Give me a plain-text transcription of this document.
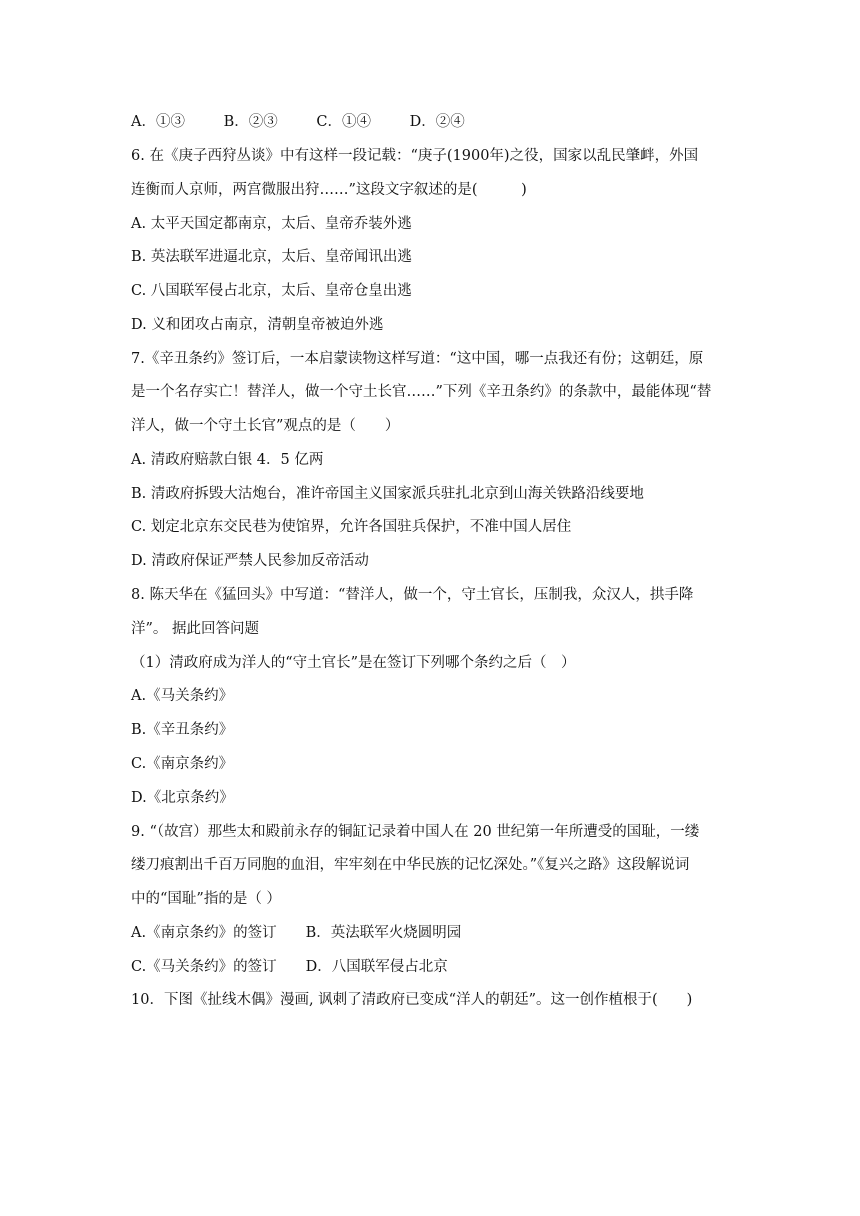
A．①③	B．②③	C．①④	D．②④
6. 在《庚子西狩丛谈》中有这样一段记载：“庚子(1900年)之役，国家以乱民肇衅，外国
连衡而人京师，两宫微服出狩……”这段文字叙述的是(　　　)
A. 太平天国定都南京，太后、皇帝乔装外逃
B. 英法联军进逼北京，太后、皇帝闻讯出逃
C. 八国联军侵占北京，太后、皇帝仓皇出逃
D. 义和团攻占南京，清朝皇帝被迫外逃
7.《辛丑条约》签订后，一本启蒙读物这样写道：“这中国，哪一点我还有份；这朝廷，原
是一个名存实亡！替洋人，做一个守土长官……”下列《辛丑条约》的条款中，最能体现“替
洋人，做一个守土长官”观点的是（　　）
A. 清政府赔款白银 4．5 亿两
B. 清政府拆毁大沽炮台，准许帝国主义国家派兵驻扎北京到山海关铁路沿线要地
C. 划定北京东交民巷为使馆界，允许各国驻兵保护，不准中国人居住
D. 清政府保证严禁人民参加反帝活动
8. 陈天华在《猛回头》中写道：“替洋人，做一个，守土官长，压制我，众汉人，拱手降
洋”。 据此回答问题
（1）清政府成为洋人的“守土官长”是在签订下列哪个条约之后（　）
A.《马关条约》
B.《辛丑条约》
C.《南京条约》
D.《北京条约》
9. “（故宫）那些太和殿前永存的铜缸记录着中国人在 20 世纪第一年所遭受的国耻，一缕
缕刀痕割出千百万同胞的血泪，牢牢刻在中华民族的记忆深处。”《复兴之路》这段解说词
中的“国耻”指的是（ ）
A.《南京条约》的签订　　B．英法联军火烧圆明园
C.《马关条约》的签订　　D．八国联军侵占北京
10．下图《扯线木偶》漫画, 讽刺了清政府已变成“洋人的朝廷”。这一创作植根于(　　)
